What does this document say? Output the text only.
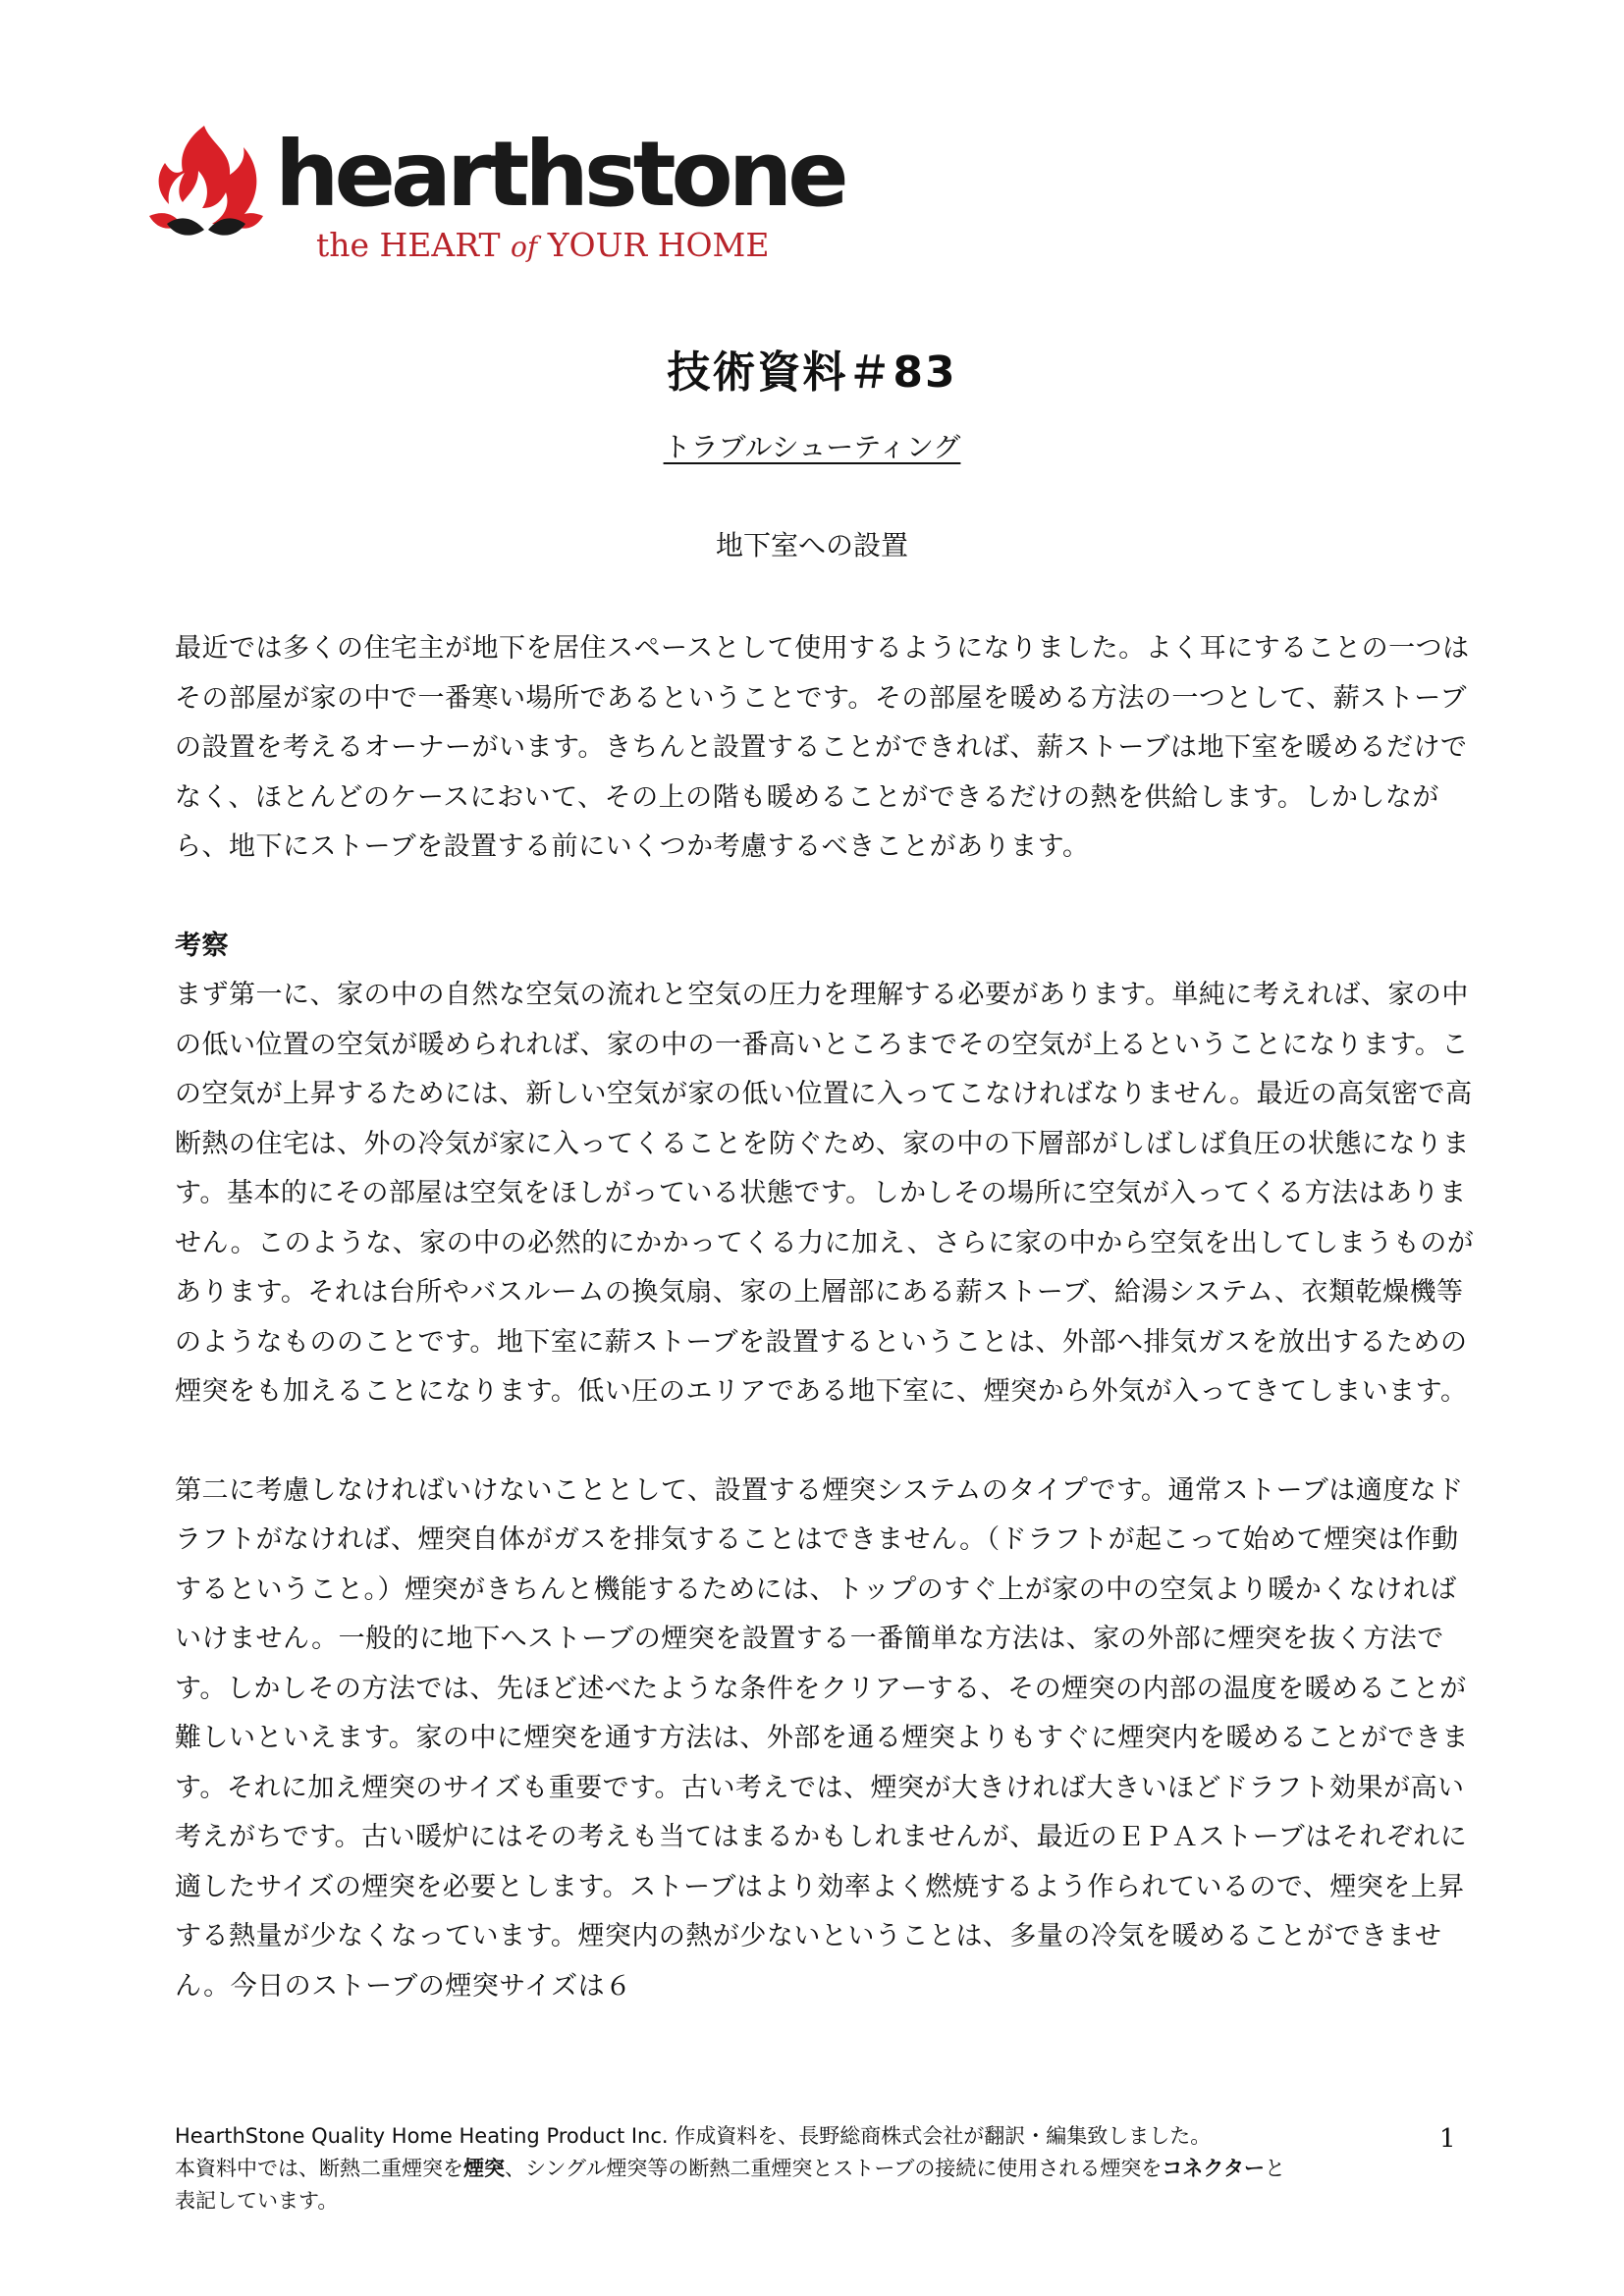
hearthstone
the HEART of YOUR HOME
技術資料＃83
トラブルシューティング
地下室への設置

最近では多くの住宅主が地下を居住スペースとして使用するようになりました。よく耳にすることの一つはその部屋が家の中で一番寒い場所であるということです。その部屋を暖める方法の一つとして、薪ストーブの設置を考えるオーナーがいます。きちんと設置することができれば、薪ストーブは地下室を暖めるだけでなく、ほとんどのケースにおいて、その上の階も暖めることができるだけの熱を供給します。しかしながら、地下にストーブを設置する前にいくつか考慮するべきことがあります。

考察

まず第一に、家の中の自然な空気の流れと空気の圧力を理解する必要があります。単純に考えれば、家の中の低い位置の空気が暖められれば、家の中の一番高いところまでその空気が上るということになります。この空気が上昇するためには、新しい空気が家の低い位置に入ってこなければなりません。最近の高気密で高断熱の住宅は、外の冷気が家に入ってくることを防ぐため、家の中の下層部がしばしば負圧の状態になります。基本的にその部屋は空気をほしがっている状態です。しかしその場所に空気が入ってくる方法はありません。このような、家の中の必然的にかかってくる力に加え、さらに家の中から空気を出してしまうものがあります。それは台所やバスルームの換気扇、家の上層部にある薪ストーブ、給湯システム、衣類乾燥機等のようなもののことです。地下室に薪ストーブを設置するということは、外部へ排気ガスを放出するための煙突をも加えることになります。低い圧のエリアである地下室に、煙突から外気が入ってきてしまいます。

第二に考慮しなければいけないこととして、設置する煙突システムのタイプです。通常ストーブは適度なドラフトがなければ、煙突自体がガスを排気することはできません。（ドラフトが起こって始めて煙突は作動するということ。）煙突がきちんと機能するためには、トップのすぐ上が家の中の空気より暖かくなければいけません。一般的に地下へストーブの煙突を設置する一番簡単な方法は、家の外部に煙突を抜く方法です。しかしその方法では、先ほど述べたような条件をクリアーする、その煙突の内部の温度を暖めることが難しいといえます。家の中に煙突を通す方法は、外部を通る煙突よりもすぐに煙突内を暖めることができます。それに加え煙突のサイズも重要です。古い考えでは、煙突が大きければ大きいほどドラフト効果が高い考えがちです。古い暖炉にはその考えも当てはまるかもしれませんが、最近のＥＰＡストーブはそれぞれに適したサイズの煙突を必要とします。ストーブはより効率よく燃焼するよう作られているので、煙突を上昇する熱量が少なくなっています。煙突内の熱が少ないということは、多量の冷気を暖めることができません。今日のストーブの煙突サイズは６

HearthStone Quality Home Heating Product Inc. 作成資料を、長野総商株式会社が翻訳・編集致しました。

本資料中では、断熱二重煙突を煙突、シングル煙突等の断熱二重煙突とストーブの接続に使用される煙突をコネクターと

表記しています。

1
